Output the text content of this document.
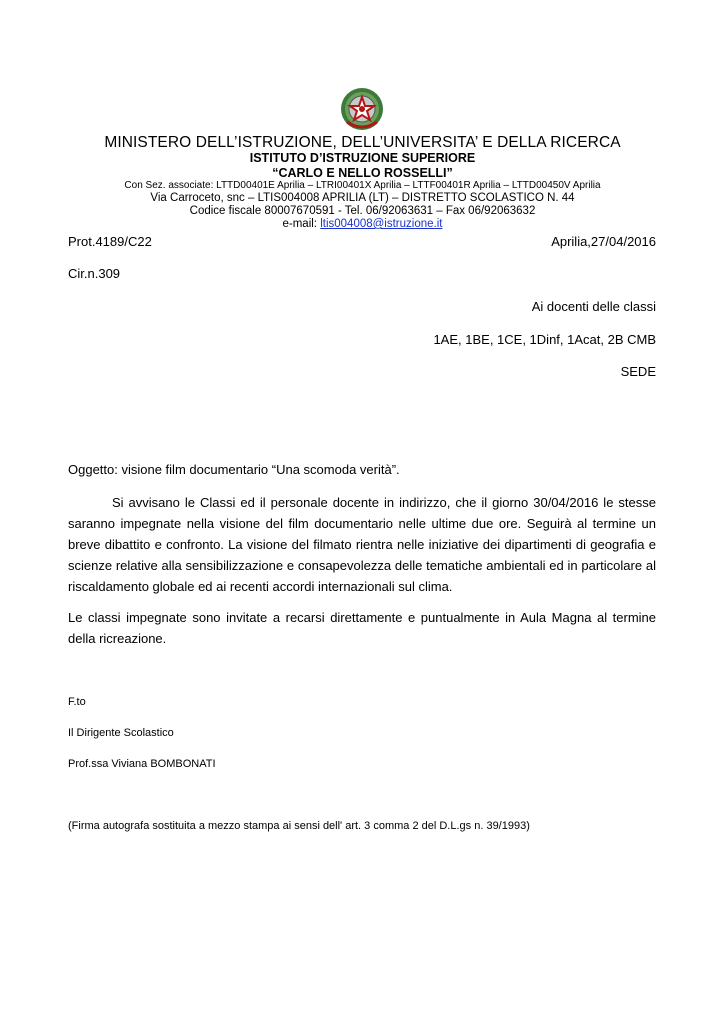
MINISTERO DELL’ISTRUZIONE, DELL’UNIVERSITA’ E DELLA RICERCA
ISTITUTO D’ISTRUZIONE SUPERIORE
“CARLO E NELLO ROSSELLI”
Con Sez. associate: LTTD00401E Aprilia – LTRI00401X Aprilia – LTTF00401R Aprilia – LTTD00450V Aprilia
Via Carroceto, snc – LTIS004008 APRILIA (LT) – DISTRETTO SCOLASTICO N. 44
Codice fiscale 80007670591 - Tel. 06/92063631 – Fax 06/92063632
e-mail: ltis004008@istruzione.it
Prot.4189/C22	Aprilia,27/04/2016
Cir.n.309
Ai docenti delle classi
1AE, 1BE, 1CE, 1Dinf, 1Acat, 2B CMB
SEDE
Oggetto: visione film documentario “Una scomoda verità”.
Si avvisano le Classi ed il personale docente in indirizzo, che il giorno 30/04/2016 le stesse saranno impegnate nella visione del film documentario nelle ultime due ore. Seguirà al termine un breve dibattito e confronto. La visione del filmato rientra nelle iniziative dei dipartimenti di geografia e scienze relative alla sensibilizzazione e consapevolezza delle tematiche ambientali ed in particolare al riscaldamento globale ed ai recenti accordi internazionali sul clima.
Le classi impegnate sono invitate a recarsi direttamente e puntualmente in Aula Magna al termine della ricreazione.
F.to
Il Dirigente Scolastico
Prof.ssa Viviana BOMBONATI
(Firma autografa sostituita a mezzo stampa ai sensi dell' art. 3 comma 2 del D.L.gs n. 39/1993)
